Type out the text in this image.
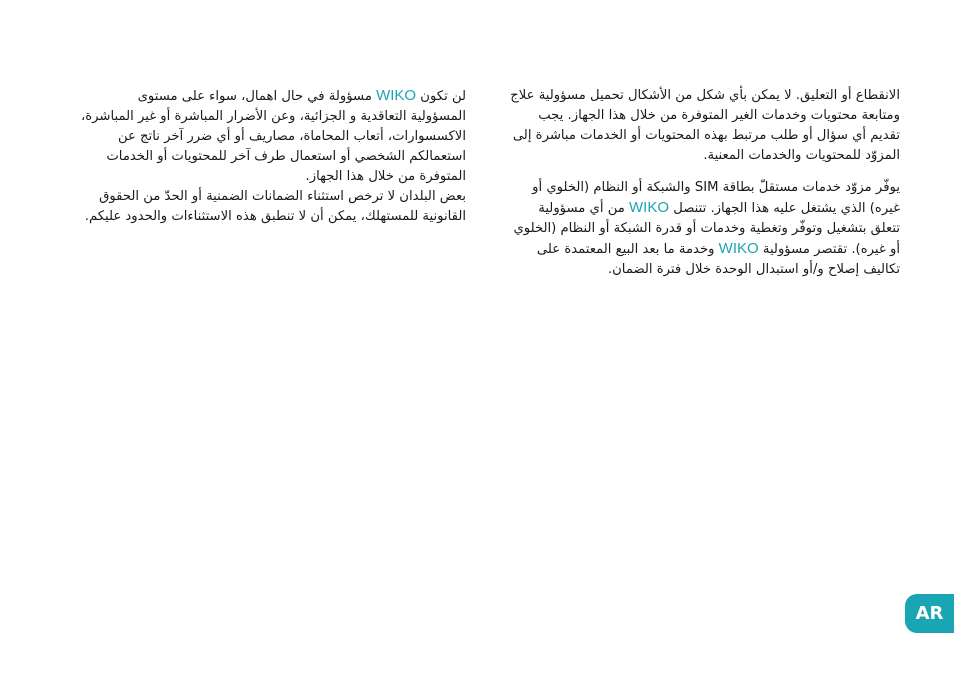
الانقطاع أو التعليق. لا يمكن بأي شكل من الأشكال تحميل مسؤولية علاج ومتابعة محتويات وخدمات الغير المتوفرة من خلال هذا الجهاز. يجب تقديم أي سؤال أو طلب مرتبط بهذه المحتويات أو الخدمات مباشرة إلى المزوّد للمحتويات والخدمات المعنية.

يوفّر مزوّد خدمات مستقلّ بطاقة SIM والشبكة أو النظام (الخلوي أو غيره) الذي يشتغل عليه هذا الجهاز. تتنصل WIKO من أي مسؤولية تتعلق بتشغيل وتوفّر وتغطية وخدمات أو قدرة الشبكة أو النظام (الخلوي أو غيره). تقتصر مسؤولية WIKO وخدمة ما بعد البيع المعتمدة على تكاليف إصلاح و/أو استبدال الوحدة خلال فترة الضمان.

لن تكون WIKO مسؤولة في حال اهمال، سواء على مستوى المسؤولية التعاقدية و الجزائية، وعن الأضرار المباشرة أو غير المباشرة، الاكسسوارات، أتعاب المحاماة، مصاريف أو أي ضرر آخر ناتج عن استعمالكم الشخصي أو استعمال طرف آخر للمحتويات أو الخدمات المتوفرة من خلال هذا الجهاز.

بعض البلدان لا ترخص استثناء الضمانات الضمنية أو الحدّ من الحقوق القانونية للمستهلك، يمكن أن لا تنطبق هذه الاستثناءات والحدود عليكم.

AR
